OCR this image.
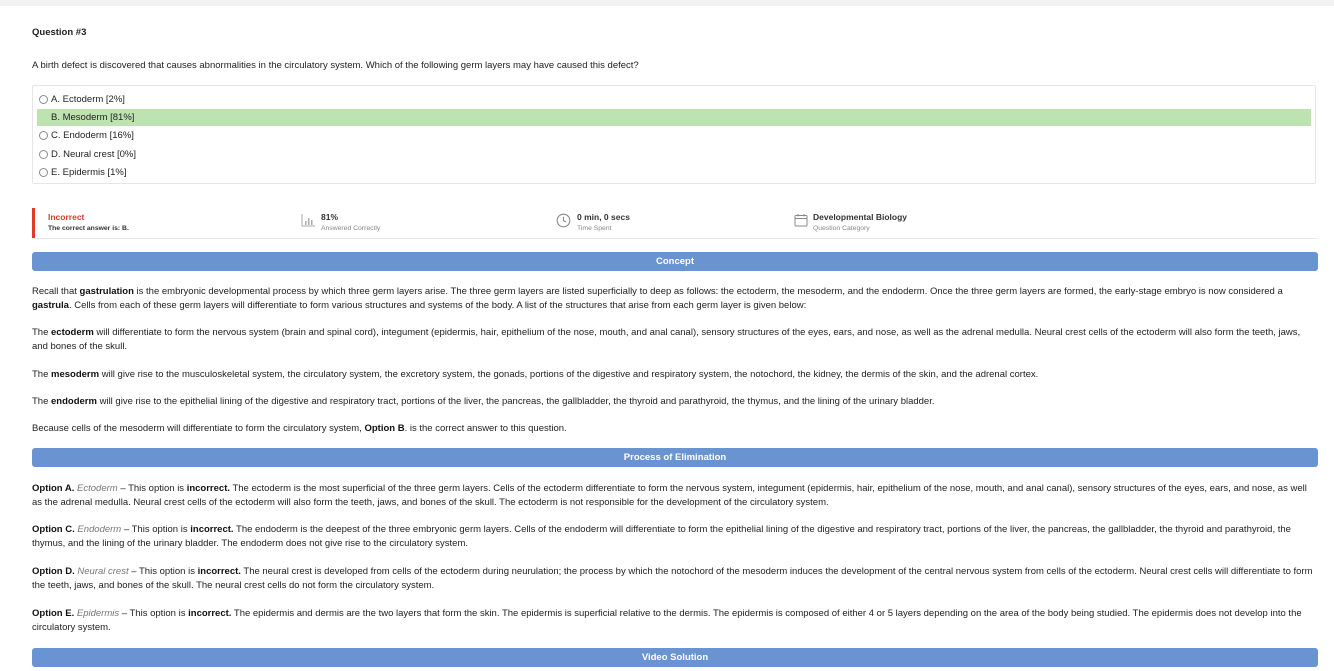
Question #3
A birth defect is discovered that causes abnormalities in the circulatory system. Which of the following germ layers may have caused this defect?
A. Ectoderm [2%]
B. Mesoderm [81%]
C. Endoderm [16%]
D. Neural crest [0%]
E. Epidermis [1%]
Incorrect
The correct answer is: B.
81%
Answered Correctly
0 min, 0 secs
Time Spent
Developmental Biology
Question Category
Concept
Recall that gastrulation is the embryonic developmental process by which three germ layers arise. The three germ layers are listed superficially to deep as follows: the ectoderm, the mesoderm, and the endoderm. Once the three germ layers are formed, the early-stage embryo is now considered a gastrula. Cells from each of these germ layers will differentiate to form various structures and systems of the body. A list of the structures that arise from each germ layer is given below:
The ectoderm will differentiate to form the nervous system (brain and spinal cord), integument (epidermis, hair, epithelium of the nose, mouth, and anal canal), sensory structures of the eyes, ears, and nose, as well as the adrenal medulla. Neural crest cells of the ectoderm will also form the teeth, jaws, and bones of the skull.
The mesoderm will give rise to the musculoskeletal system, the circulatory system, the excretory system, the gonads, portions of the digestive and respiratory system, the notochord, the kidney, the dermis of the skin, and the adrenal cortex.
The endoderm will give rise to the epithelial lining of the digestive and respiratory tract, portions of the liver, the pancreas, the gallbladder, the thyroid and parathyroid, the thymus, and the lining of the urinary bladder.
Because cells of the mesoderm will differentiate to form the circulatory system, Option B. is the correct answer to this question.
Process of Elimination
Option A. Ectoderm – This option is incorrect. The ectoderm is the most superficial of the three germ layers. Cells of the ectoderm differentiate to form the nervous system, integument (epidermis, hair, epithelium of the nose, mouth, and anal canal), sensory structures of the eyes, ears, and nose, as well as the adrenal medulla. Neural crest cells of the ectoderm will also form the teeth, jaws, and bones of the skull. The ectoderm is not responsible for the development of the circulatory system.
Option C. Endoderm – This option is incorrect. The endoderm is the deepest of the three embryonic germ layers. Cells of the endoderm will differentiate to form the epithelial lining of the digestive and respiratory tract, portions of the liver, the pancreas, the gallbladder, the thyroid and parathyroid, the thymus, and the lining of the urinary bladder. The endoderm does not give rise to the circulatory system.
Option D. Neural crest – This option is incorrect. The neural crest is developed from cells of the ectoderm during neurulation; the process by which the notochord of the mesoderm induces the development of the central nervous system from cells of the ectoderm. Neural crest cells will differentiate to form the teeth, jaws, and bones of the skull. The neural crest cells do not form the circulatory system.
Option E. Epidermis – This option is incorrect. The epidermis and dermis are the two layers that form the skin. The epidermis is superficial relative to the dermis. The epidermis is composed of either 4 or 5 layers depending on the area of the body being studied. The epidermis does not develop into the circulatory system.
Video Solution
